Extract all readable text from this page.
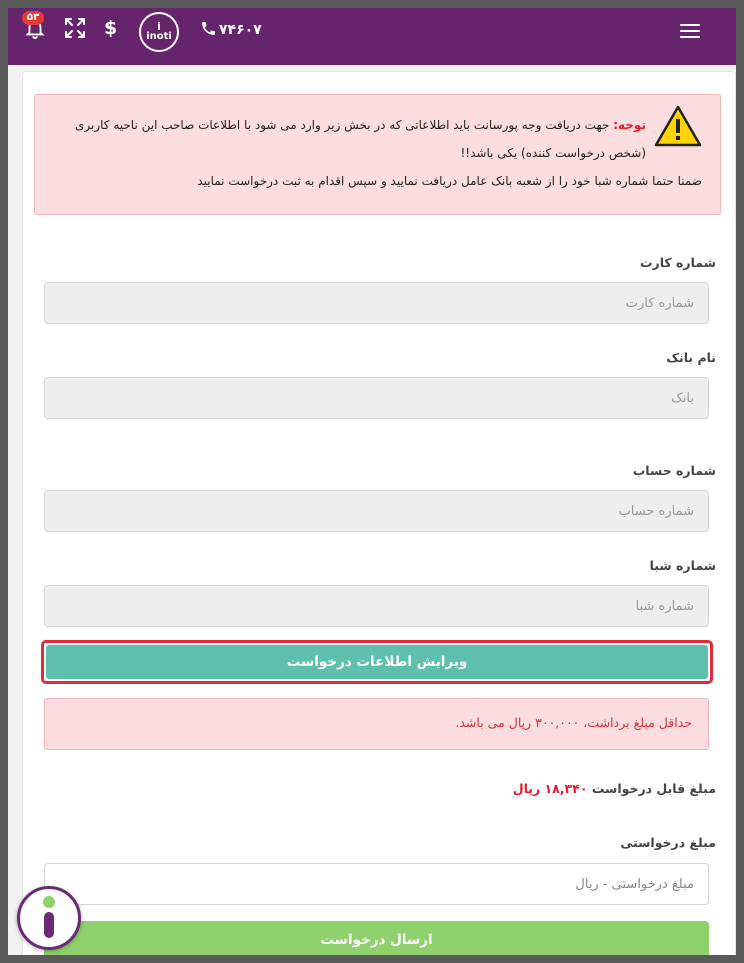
۷۴۶۰۷
i
inoti
$
۵۳
توجه: جهت دریافت وجه پورسانت باید اطلاعاتی که در بخش زیر وارد می شود با اطلاعات صاحب این ناحیه کاربری (شخص درخواست کننده) یکی باشد!!
ضمنا حتما شماره شبا خود را از شعبه بانک عامل دریافت نمایید و سپس اقدام به ثبت درخواست نمایید
شماره کارت
شماره کارت
نام بانک
بانک
شماره حساب
شماره حساب
شماره شبا
شماره شبا
ویرایش اطلاعات درخواست
حداقل مبلغ برداشت، ۳۰۰,۰۰۰ ریال می باشد.
مبلغ قابل درخواست ۱۸,۳۴۰ ریال
مبلغ درخواستی
مبلغ درخواستی - ریال
ارسال درخواست
